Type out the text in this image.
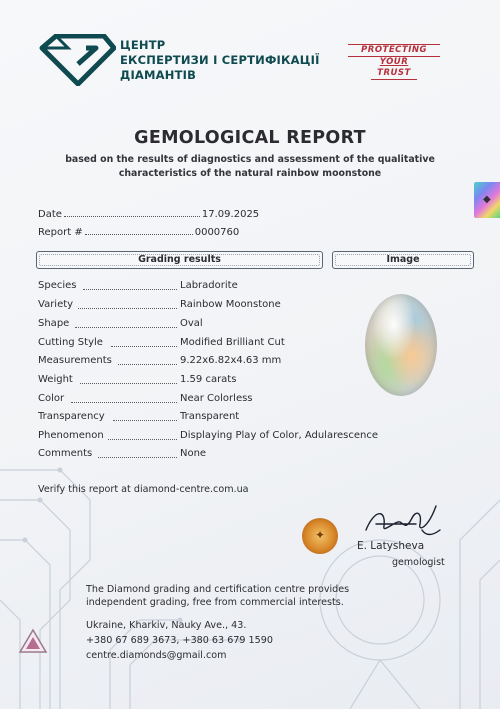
ЦЕНТР
ЕКСПЕРТИЗИ І СЕРТИФІКАЦІЇ
ДІАМАНТІВ
PROTECTING
YOUR
TRUST
GEMOLOGICAL REPORT
based on the results of diagnostics and assessment of the qualitative
characteristics of the natural rainbow moonstone
◆
Date	17.09.2025
Report #	0000760
Grading results	Image
Species	Labradorite
Variety	Rainbow Moonstone
Shape	Oval
Cutting Style	Modified Brilliant Cut
Measurements	9.22x6.82x4.63 mm
Weight	1.59 carats
Color	Near Colorless
Transparency	Transparent
Phenomenon	Displaying Play of Color, Adularescence
Comments	None
Verify this report at diamond-centre.com.ua
✦
E. Latysheva
gemologist
The Diamond grading and certification centre provides
independent grading, free from commercial interests.
Ukraine, Kharkiv, Nauky Ave., 43.
+380 67 689 3673, +380 63 679 1590
centre.diamonds@gmail.com
